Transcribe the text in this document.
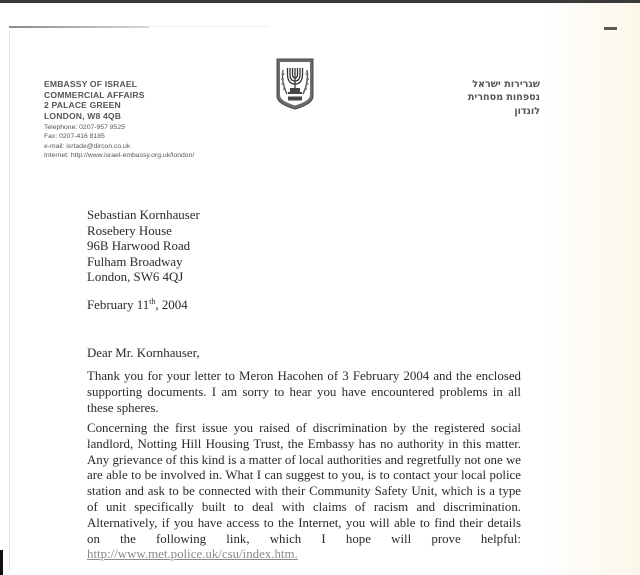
EMBASSY OF ISRAEL
COMMERCIAL AFFAIRS
2 PALACE GREEN
LONDON, W8 4QB
Telephone: 0207-957 9525
Fax: 0207-416 8185
e-mail: isrtade@dircon.co.uk
Internet: http://www.israel-embassy.org.uk/london/
שגרירות ישראל
נספחות מסחרית
לונדון
Sebastian Kornhauser
Rosebery House
96B Harwood Road
Fulham Broadway
London, SW6 4QJ
February 11th, 2004
Dear Mr. Kornhauser,
Thank you for your letter to Meron Hacohen of 3 February 2004 and the enclosed supporting documents. I am sorry to hear you have encountered problems in all these spheres.
Concerning the first issue you raised of discrimination by the registered social landlord, Notting Hill Housing Trust, the Embassy has no authority in this matter. Any grievance of this kind is a matter of local authorities and regretfully not one we are able to be involved in. What I can suggest to you, is to contact your local police station and ask to be connected with their Community Safety Unit, which is a type of unit specifically built to deal with claims of racism and discrimination. Alternatively, if you have access to the Internet, you will able to find their details on the following link, which I hope will prove helpful: http://www.met.police.uk/csu/index.htm.
